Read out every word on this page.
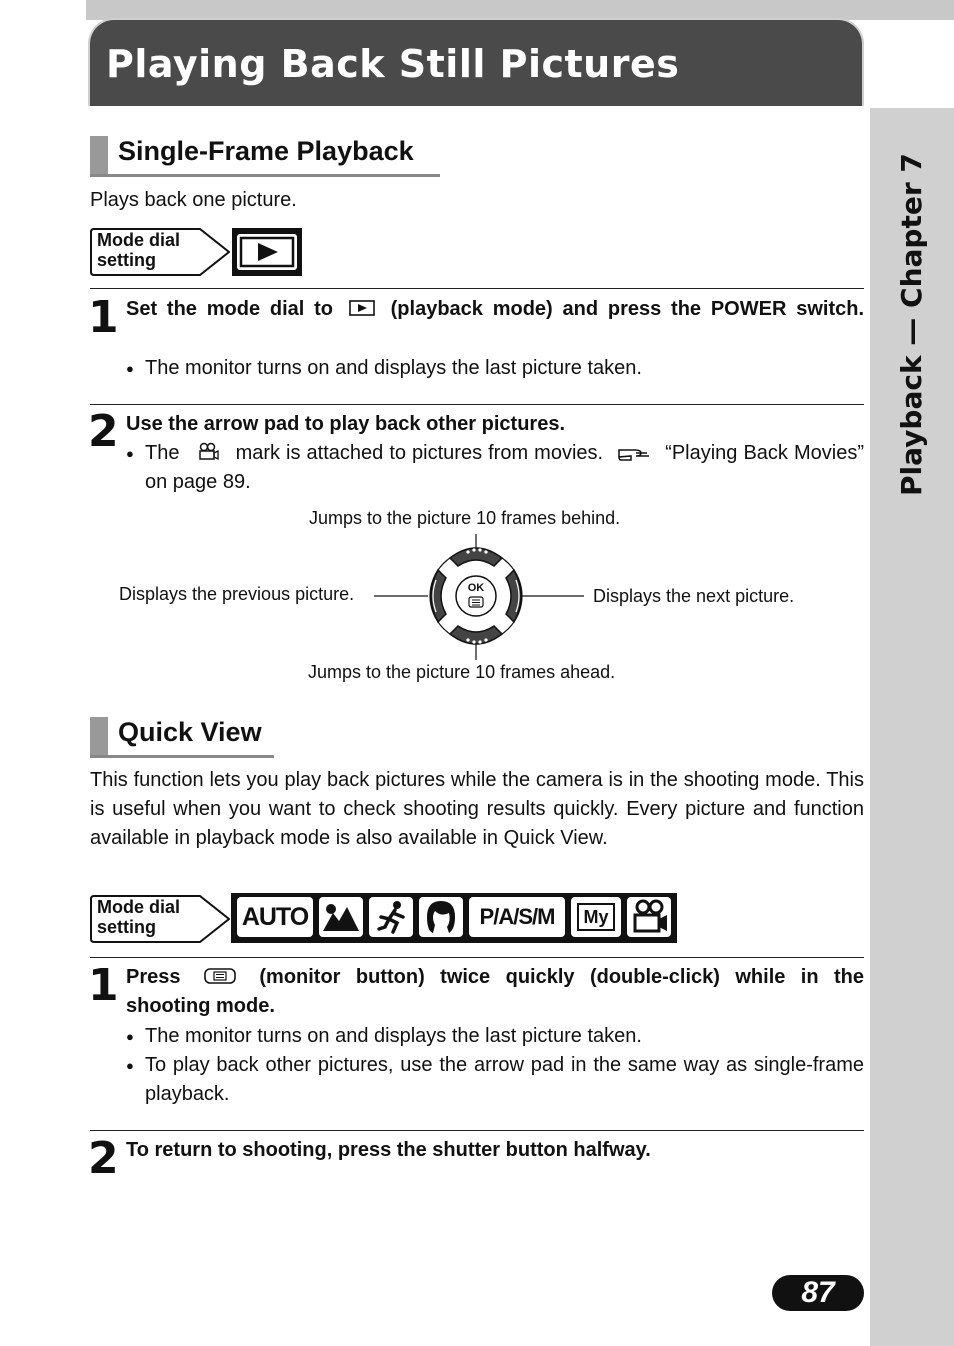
Playing Back Still Pictures
Playback — Chapter 7
Single-Frame Playback
Plays back one picture.
Mode dial
setting
1 Set the mode dial to	(playback mode) and press the POWER switch.
● The monitor turns on and displays the last picture taken.
2 Use the arrow pad to play back other pictures.
● The	mark is attached to pictures from movies.	“Playing Back Movies” on page 89.
Jumps to the picture 10 frames behind.
Displays the previous picture.	Displays the next picture.
Jumps to the picture 10 frames ahead.
OK
Quick View
This function lets you play back pictures while the camera is in the shooting mode. This is useful when you want to check shooting results quickly. Every picture and function available in playback mode is also available in Quick View.
Mode dial
setting	AUTO	P/A/S/M	My
1 Press	(monitor button) twice quickly (double-click) while in the shooting mode.
● The monitor turns on and displays the last picture taken.
● To play back other pictures, use the arrow pad in the same way as single-frame playback.
2 To return to shooting, press the shutter button halfway.
87
